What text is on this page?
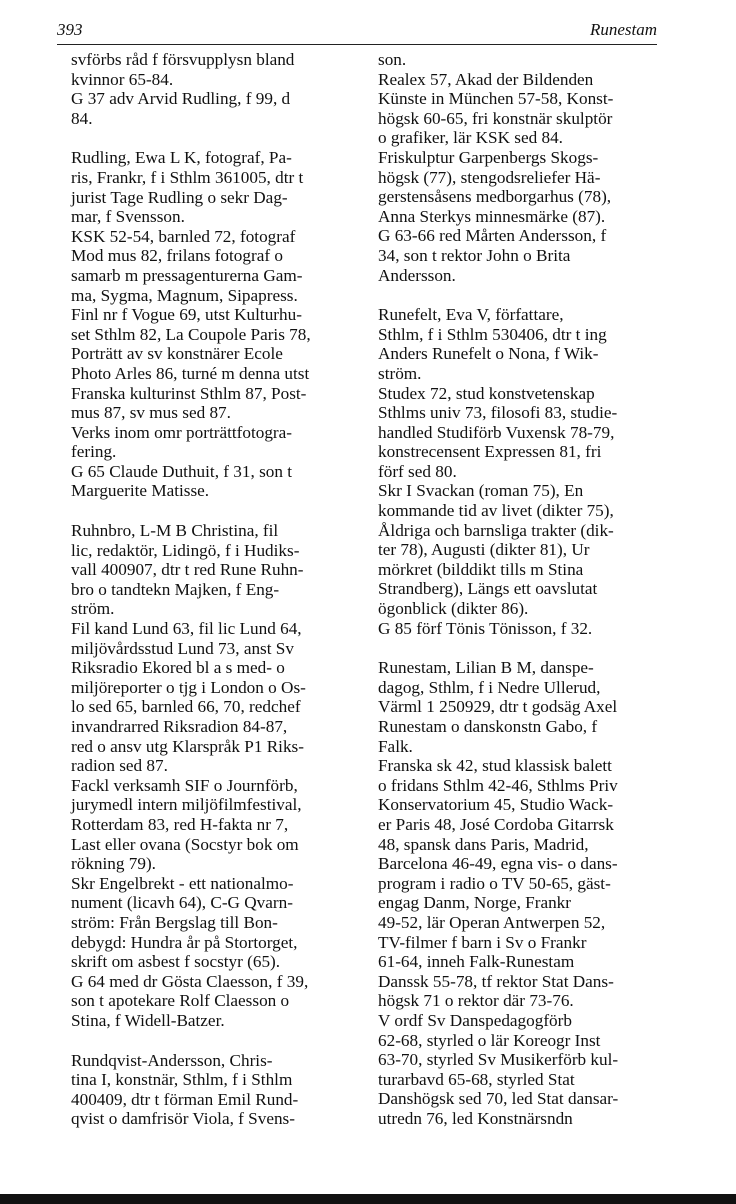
393	Runestam
svförbs råd f försvupplysn bland
kvinnor 65-84.
G 37 adv Arvid Rudling, f 99, d
84.
Rudling, Ewa L K, fotograf, Pa-
ris, Frankr, f i Sthlm 361005, dtr t
jurist Tage Rudling o sekr Dag-
mar, f Svensson.
KSK 52-54, barnled 72, fotograf
Mod mus 82, frilans fotograf o
samarb m pressagenturerna Gam-
ma, Sygma, Magnum, Sipapress.
Finl nr f Vogue 69, utst Kulturhu-
set Sthlm 82, La Coupole Paris 78,
Porträtt av sv konstnärer Ecole
Photo Arles 86, turné m denna utst
Franska kulturinst Sthlm 87, Post-
mus 87, sv mus sed 87.
Verks inom omr porträttfotogra-
fering.
G 65 Claude Duthuit, f 31, son t
Marguerite Matisse.
Ruhnbro, L-M B Christina, fil
lic, redaktör, Lidingö, f i Hudiks-
vall 400907, dtr t red Rune Ruhn-
bro o tandtekn Majken, f Eng-
ström.
Fil kand Lund 63, fil lic Lund 64,
miljövårdsstud Lund 73, anst Sv
Riksradio Ekored bl a s med- o
miljöreporter o tjg i London o Os-
lo sed 65, barnled 66, 70, redchef
invandrarred Riksradion 84-87,
red o ansv utg Klarspråk P1 Riks-
radion sed 87.
Fackl verksamh SIF o Journförb,
jurymedl intern miljöfilmfestival,
Rotterdam 83, red H-fakta nr 7,
Last eller ovana (Socstyr bok om
rökning 79).
Skr Engelbrekt - ett nationalmo-
nument (licavh 64), C-G Qvarn-
ström: Från Bergslag till Bon-
debygd: Hundra år på Stortorget,
skrift om asbest f socstyr (65).
G 64 med dr Gösta Claesson, f 39,
son t apotekare Rolf Claesson o
Stina, f Widell-Batzer.
Rundqvist-Andersson, Chris-
tina I, konstnär, Sthlm, f i Sthlm
400409, dtr t förman Emil Rund-
qvist o damfrisör Viola, f Svens-
son.
Realex 57, Akad der Bildenden
Künste in München 57-58, Konst-
högsk 60-65, fri konstnär skulptör
o grafiker, lär KSK sed 84.
Friskulptur Garpenbergs Skogs-
högsk (77), stengodsreliefer Hä-
gerstensåsens medborgarhus (78),
Anna Sterkys minnesmärke (87).
G 63-66 red Mårten Andersson, f
34, son t rektor John o Brita
Andersson.
Runefelt, Eva V, författare,
Sthlm, f i Sthlm 530406, dtr t ing
Anders Runefelt o Nona, f Wik-
ström.
Studex 72, stud konstvetenskap
Sthlms univ 73, filosofi 83, studie-
handled Studiförb Vuxensk 78-79,
konstrecensent Expressen 81, fri
förf sed 80.
Skr I Svackan (roman 75), En
kommande tid av livet (dikter 75),
Åldriga och barnsliga trakter (dik-
ter 78), Augusti (dikter 81), Ur
mörkret (bilddikt tills m Stina
Strandberg), Längs ett oavslutat
ögonblick (dikter 86).
G 85 förf Tönis Tönisson, f 32.
Runestam, Lilian B M, danspe-
dagog, Sthlm, f i Nedre Ullerud,
Värml 1 250929, dtr t godsäg Axel
Runestam o danskonstn Gabo, f
Falk.
Franska sk 42, stud klassisk balett
o fridans Sthlm 42-46, Sthlms Priv
Konservatorium 45, Studio Wack-
er Paris 48, José Cordoba Gitarrsk
48, spansk dans Paris, Madrid,
Barcelona 46-49, egna vis- o dans-
program i radio o TV 50-65, gäst-
engag Danm, Norge, Frankr
49-52, lär Operan Antwerpen 52,
TV-filmer f barn i Sv o Frankr
61-64, inneh Falk-Runestam
Danssk 55-78, tf rektor Stat Dans-
högsk 71 o rektor där 73-76.
V ordf Sv Danspedagogförb
62-68, styrled o lär Koreogr Inst
63-70, styrled Sv Musikerförb kul-
turarbavd 65-68, styrled Stat
Danshögsk sed 70, led Stat dansar-
utredn 76, led Konstnärsndn
